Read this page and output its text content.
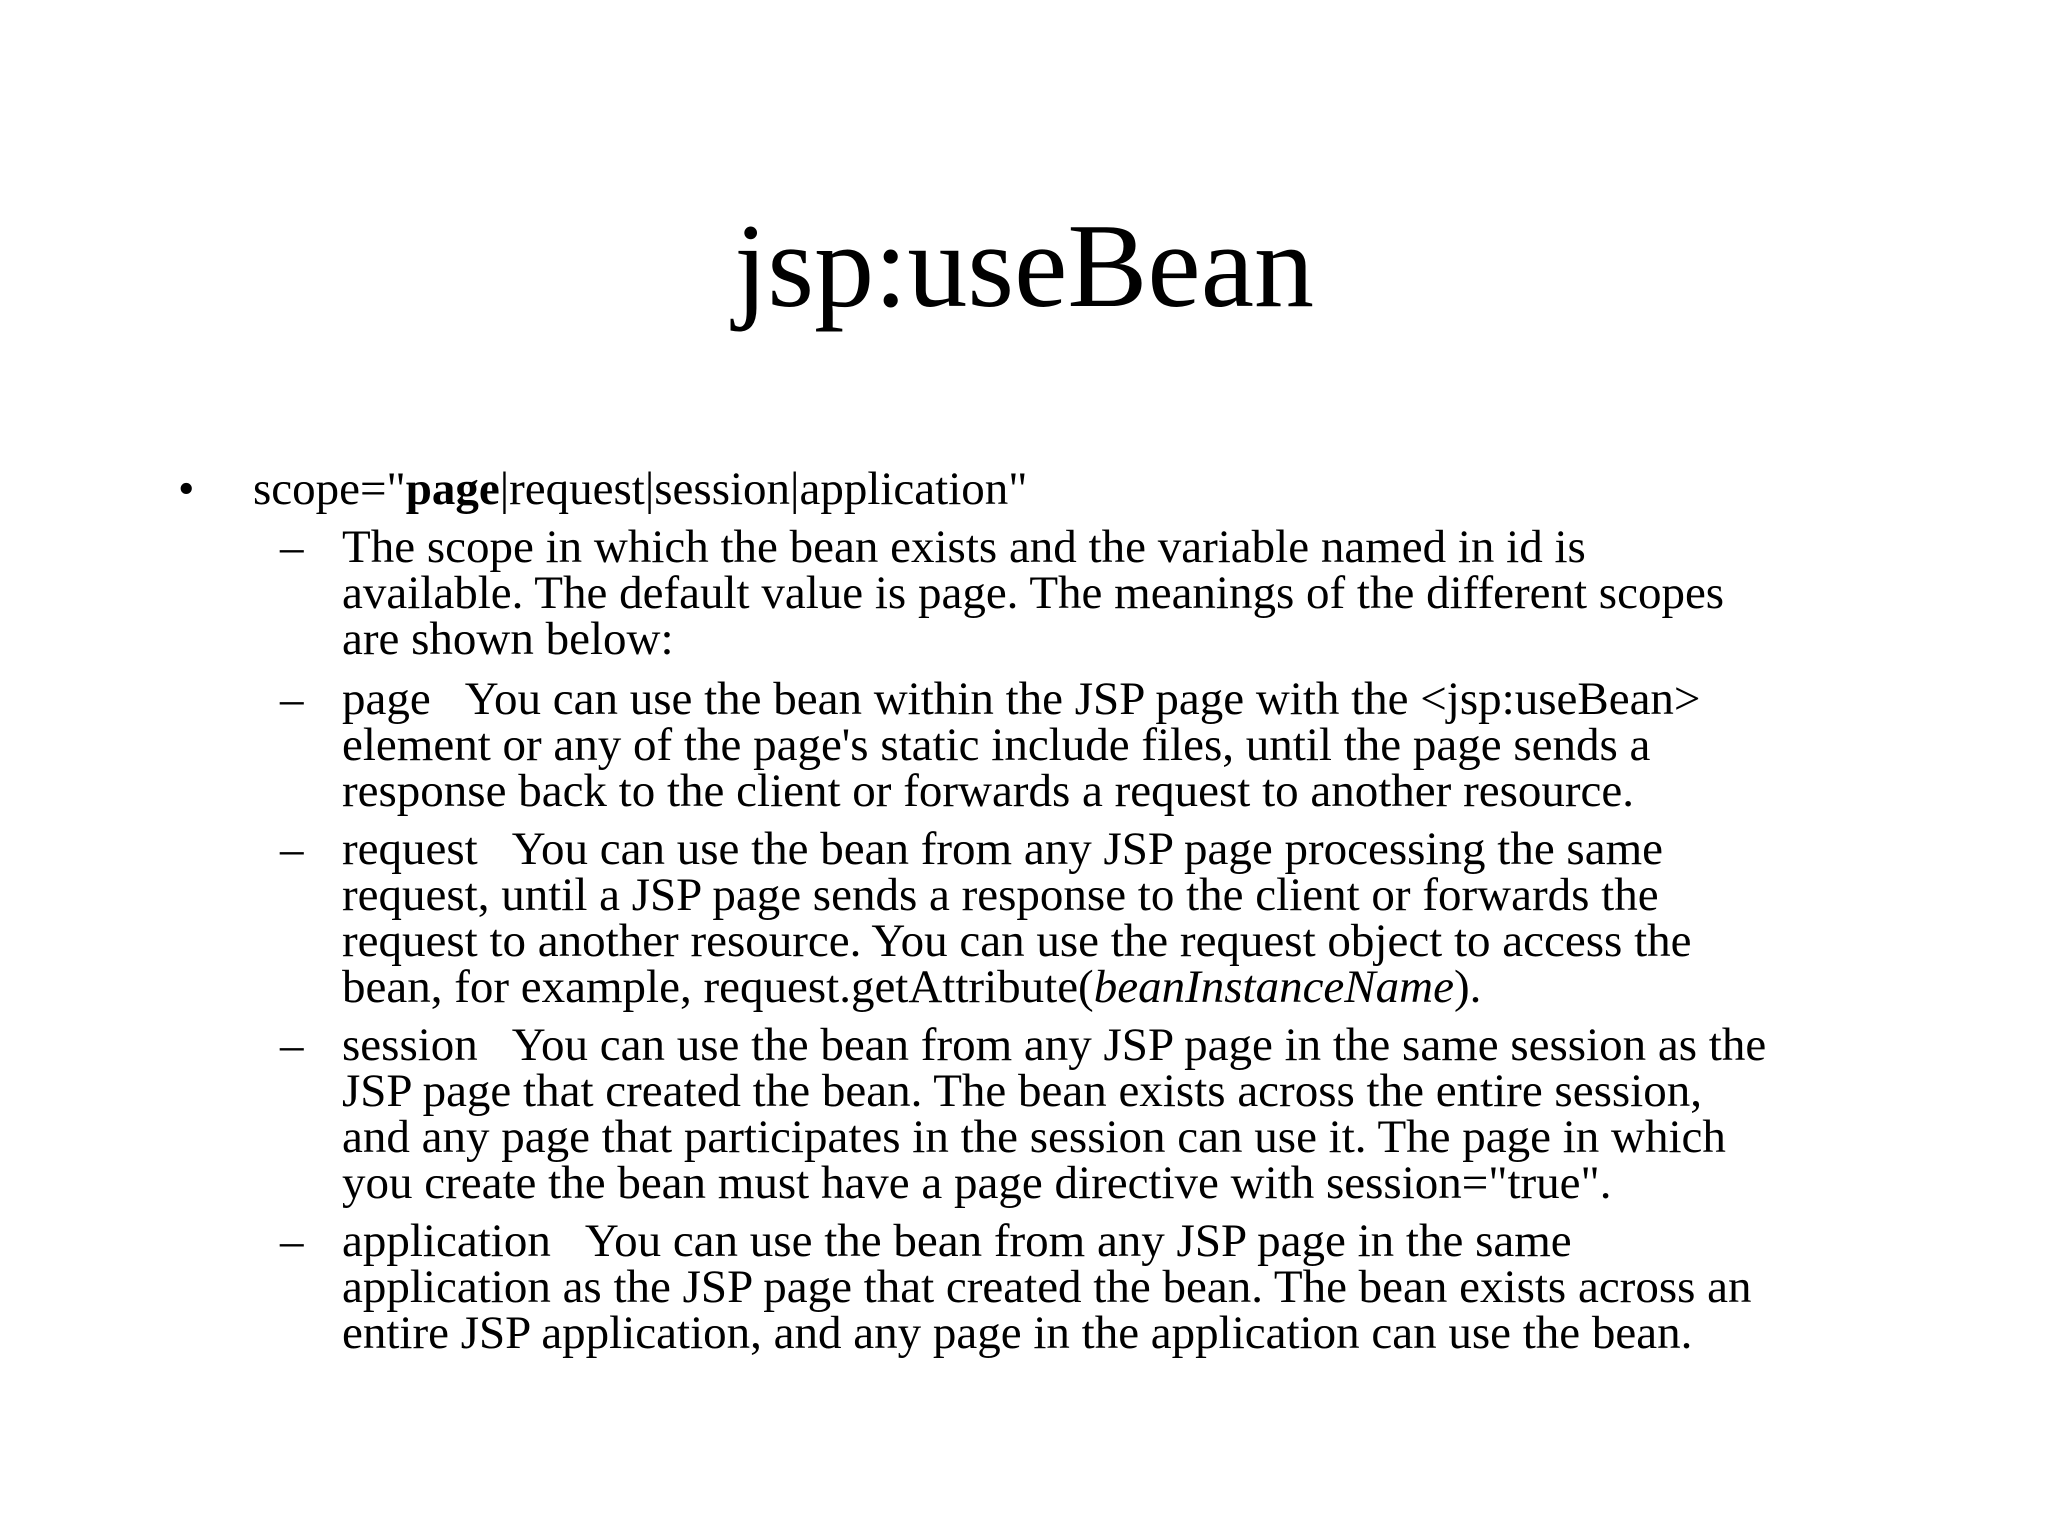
jsp:useBean
• scope="page|request|session|application"
– The scope in which the bean exists and the variable named in id is
available. The default value is page. The meanings of the different scopes
are shown below:
– page You can use the bean within the JSP page with the <jsp:useBean>
element or any of the page's static include files, until the page sends a
response back to the client or forwards a request to another resource.
– request You can use the bean from any JSP page processing the same
request, until a JSP page sends a response to the client or forwards the
request to another resource. You can use the request object to access the
bean, for example, request.getAttribute(beanInstanceName).
– session You can use the bean from any JSP page in the same session as the
JSP page that created the bean. The bean exists across the entire session,
and any page that participates in the session can use it. The page in which
you create the bean must have a page directive with session="true".
– application You can use the bean from any JSP page in the same
application as the JSP page that created the bean. The bean exists across an
entire JSP application, and any page in the application can use the bean.
